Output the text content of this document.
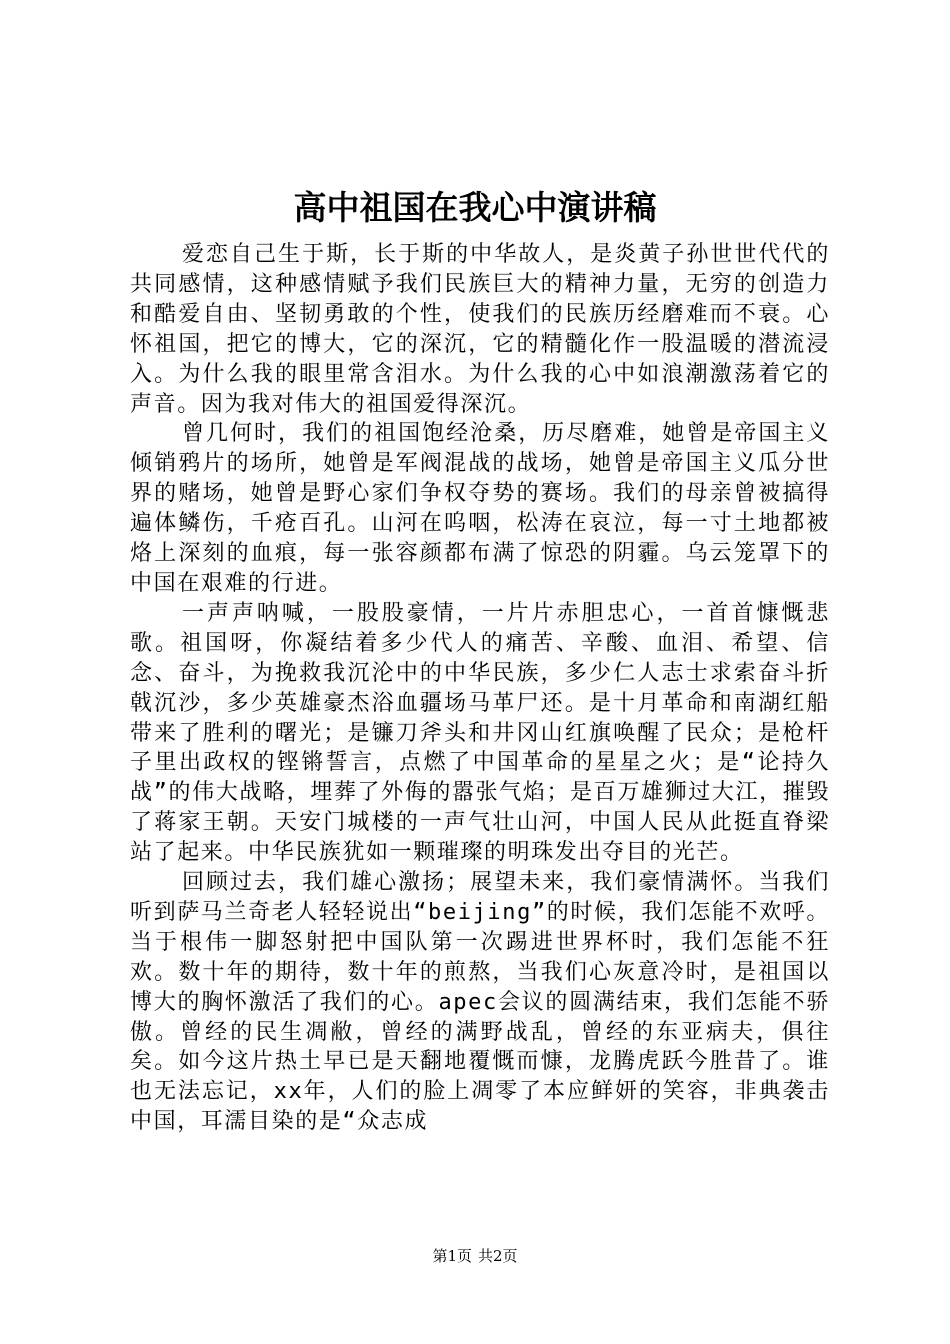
高中祖国在我心中演讲稿

爱恋自己生于斯，长于斯的中华故人，是炎黄子孙世世代代的共同感情，这种感情赋予我们民族巨大的精神力量，无穷的创造力和酷爱自由、坚韧勇敢的个性，使我们的民族历经磨难而不衰。心怀祖国，把它的博大，它的深沉，它的精髓化作一股温暖的潜流浸入。为什么我的眼里常含泪水。为什么我的心中如浪潮激荡着它的声音。因为我对伟大的祖国爱得深沉。

曾几何时，我们的祖国饱经沧桑，历尽磨难，她曾是帝国主义倾销鸦片的场所，她曾是军阀混战的战场，她曾是帝国主义瓜分世界的赌场，她曾是野心家们争权夺势的赛场。我们的母亲曾被搞得遍体鳞伤，千疮百孔。山河在呜咽，松涛在哀泣，每一寸土地都被烙上深刻的血痕，每一张容颜都布满了惊恐的阴霾。乌云笼罩下的中国在艰难的行进。

一声声呐喊，一股股豪情，一片片赤胆忠心，一首首慷慨悲歌。祖国呀，你凝结着多少代人的痛苦、辛酸、血泪、希望、信念、奋斗，为挽救我沉沦中的中华民族，多少仁人志士求索奋斗折戟沉沙，多少英雄豪杰浴血疆场马革尸还。是十月革命和南湖红船带来了胜利的曙光；是镰刀斧头和井冈山红旗唤醒了民众；是枪杆子里出政权的铿锵誓言，点燃了中国革命的星星之火；是“论持久战”的伟大战略，埋葬了外侮的嚣张气焰；是百万雄狮过大江，摧毁了蒋家王朝。天安门城楼的一声气壮山河，中国人民从此挺直脊梁站了起来。中华民族犹如一颗璀璨的明珠发出夺目的光芒。

回顾过去，我们雄心激扬；展望未来，我们豪情满怀。当我们听到萨马兰奇老人轻轻说出“beijing”的时候，我们怎能不欢呼。当于根伟一脚怒射把中国队第一次踢进世界杯时，我们怎能不狂欢。数十年的期待，数十年的煎熬，当我们心灰意冷时，是祖国以博大的胸怀激活了我们的心。apec会议的圆满结束，我们怎能不骄傲。曾经的民生凋敝，曾经的满野战乱，曾经的东亚病夫，俱往矣。如今这片热土早已是天翻地覆慨而慷，龙腾虎跃今胜昔了。谁也无法忘记，xx年，人们的脸上凋零了本应鲜妍的笑容，非典袭击中国，耳濡目染的是“众志成

第1页 共2页
